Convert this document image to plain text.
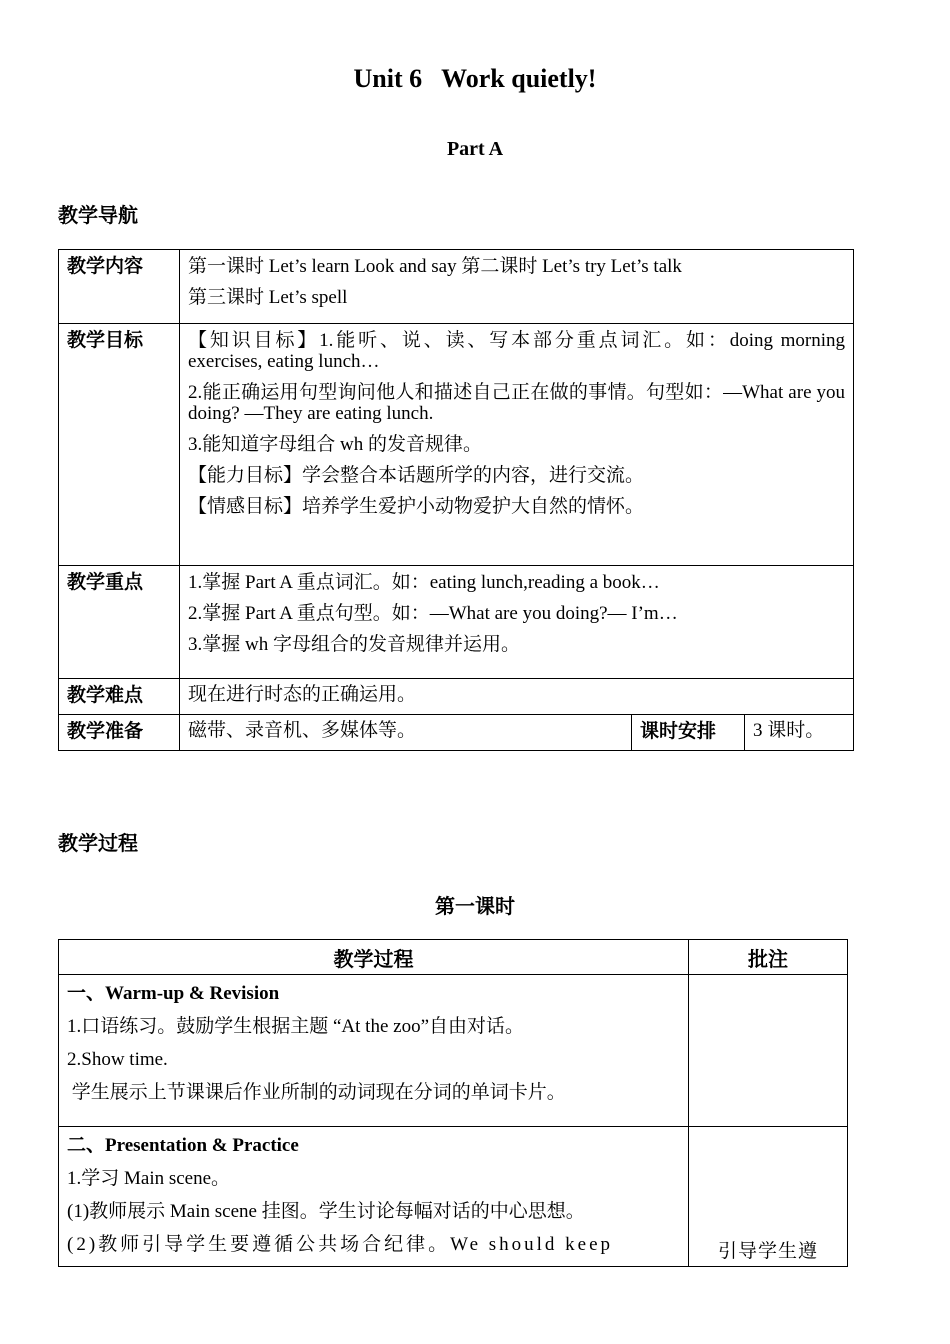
Unit 6   Work quietly!
Part A
教学导航
教学内容	第一课时 Let’s learn Look and say 第二课时 Let’s try Let’s talk
第三课时 Let’s spell		

教学目标	【知识目标】1.能听、说、读、写本部分重点词汇。如：doing morning exercises, eating lunch…
2.能正确运用句型询问他人和描述自己正在做的事情。句型如：—What are you doing? —They are eating lunch.
3.能知道字母组合 wh 的发音规律。
【能力目标】学会整合本话题所学的内容，进行交流。
【情感目标】培养学生爱护小动物爱护大自然的情怀。		

教学重点	1.掌握 Part A 重点词汇。如：eating lunch,reading a book…
2.掌握 Part A 重点句型。如：—What are you doing?— I’m…
3.掌握 wh 字母组合的发音规律并运用。		

教学难点	现在进行时态的正确运用。		

教学准备	磁带、录音机、多媒体等。	课时安排	3 课时。
教学过程
第一课时
教学过程	批注

一、Warm-up & Revision
1.口语练习。鼓励学生根据主题 “At the zoo”自由对话。
2.Show time.
学生展示上节课课后作业所制的动词现在分词的单词卡片。	

二、Presentation & Practice
1.学习 Main scene。
(1)教师展示 Main scene 挂图。学生讨论每幅对话的中心思想。
(2)教师引导学生要遵循公共场合纪律。We should keep	引导学生遵
